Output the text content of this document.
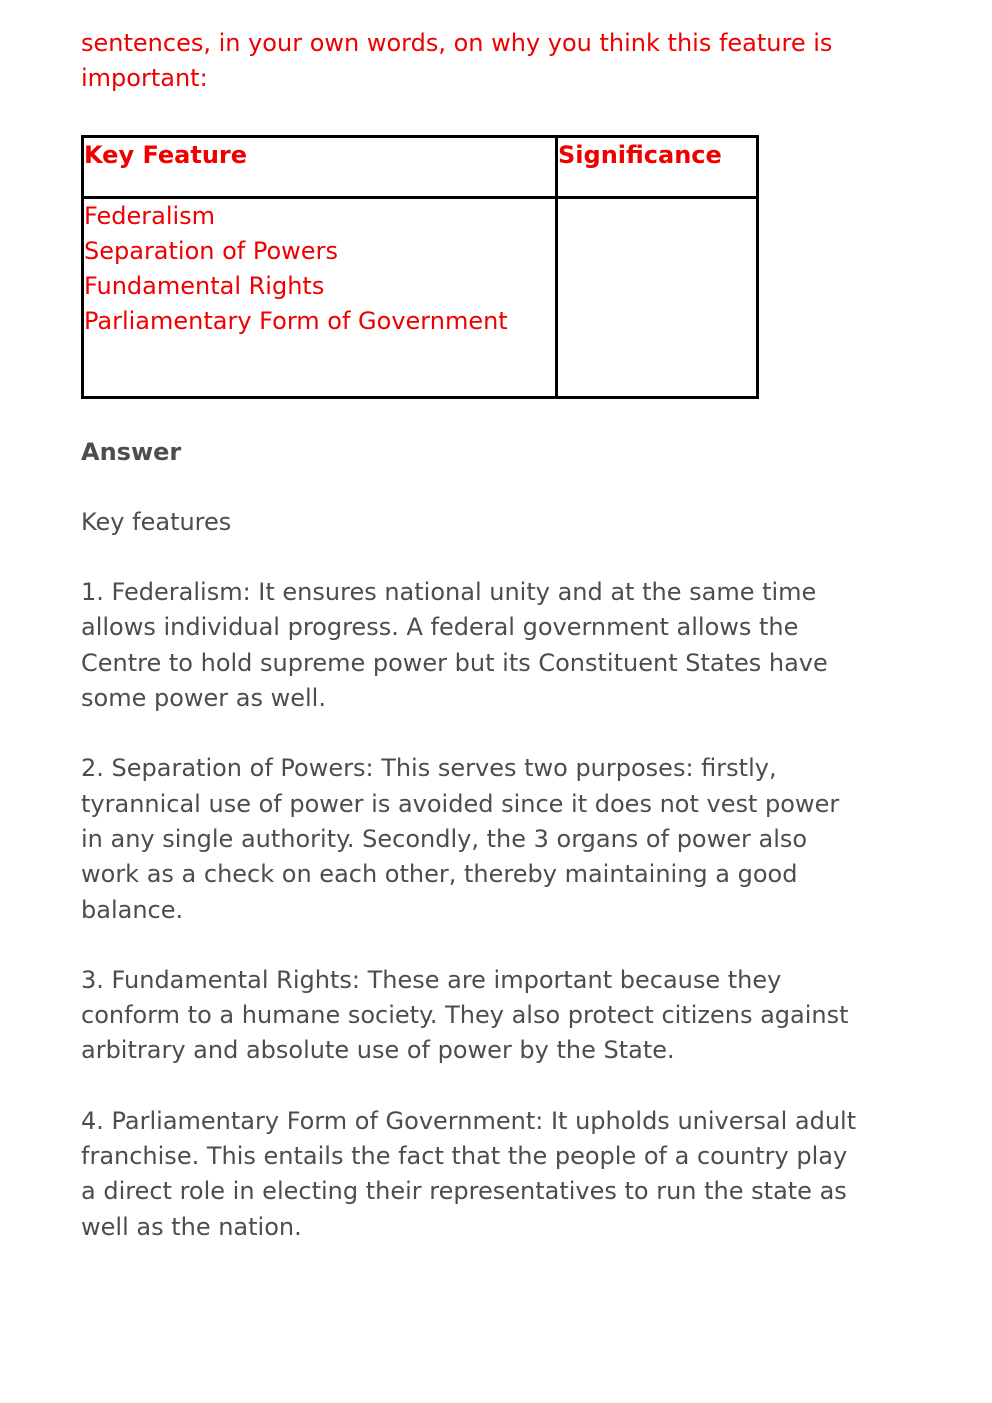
sentences, in your own words, on why you think this feature is important:

Key Feature	Significance

Federalism
Separation of Powers
Fundamental Rights
Parliamentary Form of Government	

Answer

Key features

1. Federalism: It ensures national unity and at the same time allows individual progress. A federal government allows the Centre to hold supreme power but its Constituent States have some power as well.

2. Separation of Powers: This serves two purposes: firstly, tyrannical use of power is avoided since it does not vest power in any single authority. Secondly, the 3 organs of power also work as a check on each other, thereby maintaining a good balance.

3. Fundamental Rights: These are important because they conform to a humane society. They also protect citizens against arbitrary and absolute use of power by the State.

4. Parliamentary Form of Government: It upholds universal adult franchise. This entails the fact that the people of a country play a direct role in electing their representatives to run the state as well as the nation.
